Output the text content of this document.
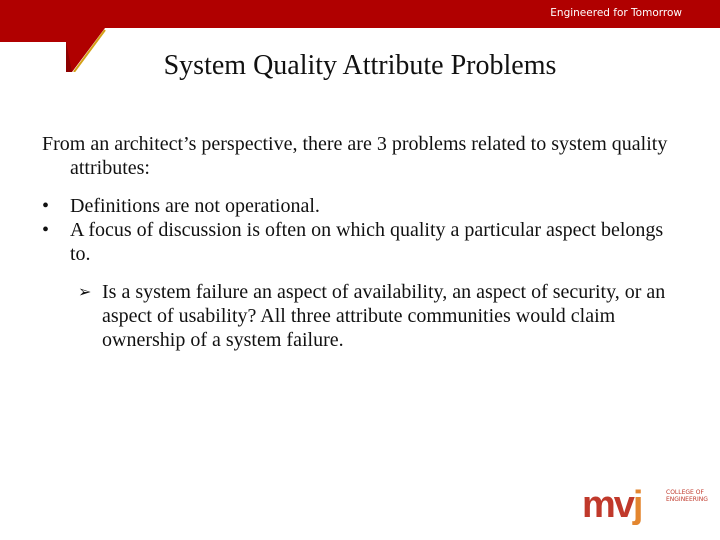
Engineered for Tomorrow
System Quality Attribute Problems

From an architect’s perspective, there are 3 problems related to system quality attributes:

•	Definitions are not operational.
•	A focus of discussion is often on which quality a particular aspect belongs to.
➢ Is a system failure an aspect of availability, an aspect of security, or an aspect of usability? All three attribute communities would claim ownership of a system failure.
mvj	COLLEGE OF ENGINEERING
